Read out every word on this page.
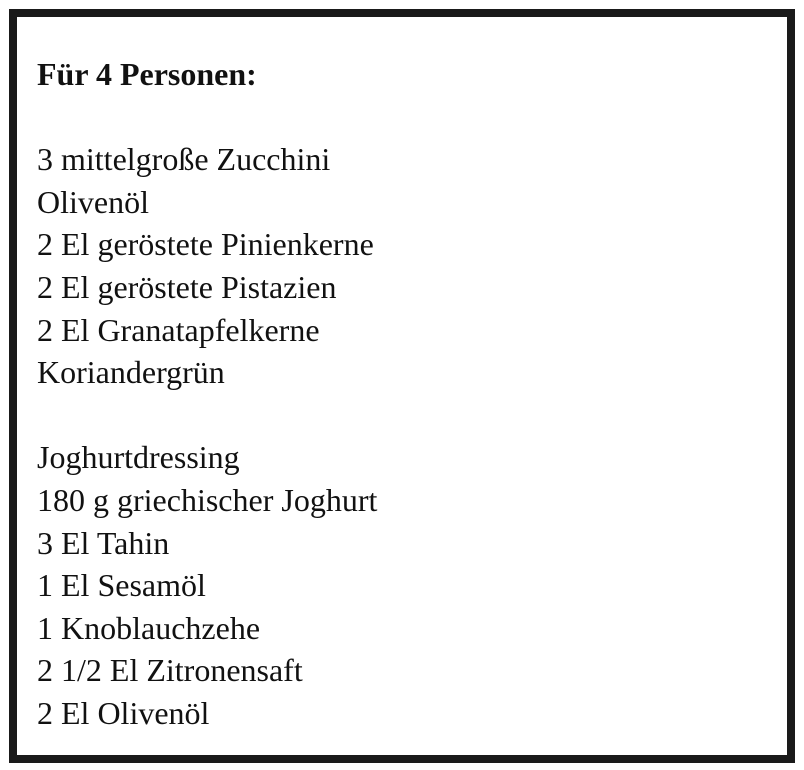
Für 4 Personen:
3 mittelgroße Zucchini
Olivenöl
2 El geröstete Pinienkerne
2 El geröstete Pistazien
2 El Granatapfelkerne
Koriandergrün
Joghurtdressing
180 g griechischer Joghurt
3 El Tahin
1 El Sesamöl
1 Knoblauchzehe
2 1/2 El Zitronensaft
2 El Olivenöl
